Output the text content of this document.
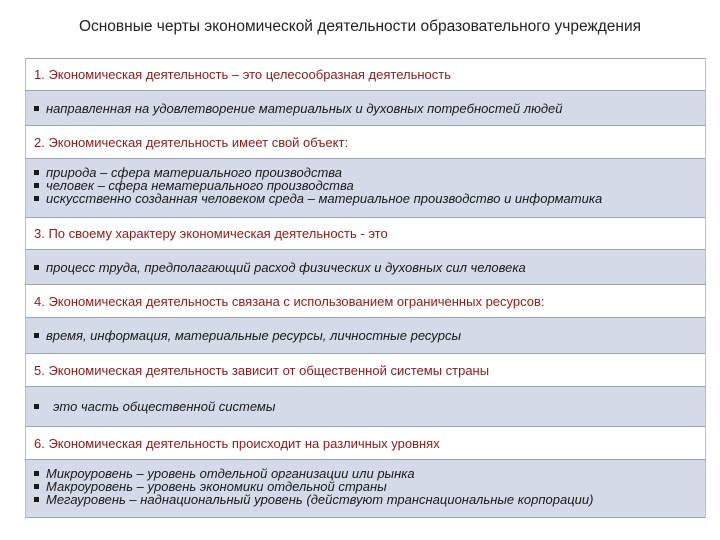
Основные черты экономической деятельности образовательного учреждения
1. Экономическая деятельность – это целесообразная деятельность
направленная на удовлетворение материальных и духовных потребностей людей
2. Экономическая деятельность имеет свой объект:
природа – сфера материального производства
человек – сфера нематериального производства
искусственно созданная человеком среда – материальное производство и информатика
3. По своему характеру экономическая деятельность - это
процесс труда, предполагающий расход физических и духовных сил человека
4. Экономическая деятельность связана с использованием ограниченных ресурсов:
время, информация, материальные ресурсы, личностные ресурсы
5. Экономическая деятельность зависит от общественной системы страны
это часть общественной системы
6. Экономическая деятельность происходит на различных уровнях
Микроуровень – уровень отдельной организации или рынка
Макроуровень – уровень экономики отдельной страны
Мегауровень – наднациональный уровень (действуют транснациональные корпорации)
